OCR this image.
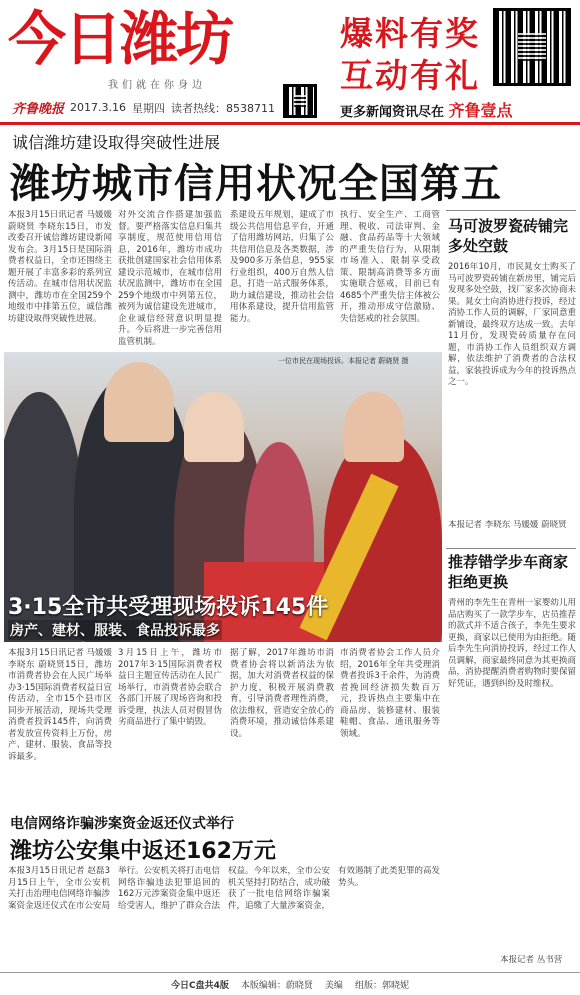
今日潍坊
我们就在你身边
齐鲁晚报 2017.3.16 星期四 读者热线：8538711
爆料有奖
互动有礼
更多新闻资讯尽在 齐鲁壹点
诚信潍坊建设取得突破性进展
潍坊城市信用状况全国第五
本报3月15日讯记者 马媛媛 蔚晓贤 李晓东15日，市发改委召开诚信潍坊建设新闻发布会。3月15日是国际消费者权益日，全市还围绕主题开展了丰富多彩的系列宣传活动。在城市信用状况监测中，潍坊市在全国259个地级市中排第五位，诚信潍坊建设取得突破性进展。
对外交流合作搭建加强监督。要严格落实信息归集共享制度，规范使用信用信息，2016年，潍坊市成功获批创建国家社会信用体系建设示范城市，在城市信用状况监测中，潍坊市在全国259个地级市中列第五位，被列为诚信建设先进城市，企业诚信经营意识明显提升。今后将进一步完善信用监管机制。
系建设五年规划，建成了市级公共信用信息平台，开通了信用潍坊网站，归集了公共信用信息及各类数据，涉及900多万条信息，955家行业组织，400万自然人信息，打造一站式服务体系，助力诚信建设，推动社会信用体系建设，提升信用监管能力。
执行、安全生产、工商管理、税收、司法审判、金融、食品药品等十大领域的严重失信行为，从限制市场准入、限制享受政策、限制高消费等多方面实施联合惩戒，目前已有4685个严重失信主体被公开，推动形成守信激励、失信惩戒的社会氛围。
一位市民在现场投诉。本报记者 蔚晓贤 摄
3·15全市共受理现场投诉145件
房产、建材、服装、食品投诉最多
本报3月15日讯记者 马媛媛 李晓东 蔚晓贤15日，潍坊市消费者协会在人民广场举办3·15国际消费者权益日宣传活动，全市15个县市区同步开展活动，现场共受理消费者投诉145件，向消费者发放宣传资料上万份，房产、建材、服装、食品等投诉最多。
3月15日上午，潍坊市2017年3·15国际消费者权益日主题宣传活动在人民广场举行，市消费者协会联合各部门开展了现场咨询和投诉受理，执法人员对假冒伪劣商品进行了集中销毁。
据了解，2017年潍坊市消费者协会将以新消法为依据，加大对消费者权益的保护力度，积极开展消费教育，引导消费者理性消费，依法维权，营造安全放心的消费环境，推动诚信体系建设。
市消费者协会工作人员介绍，2016年全年共受理消费者投诉3千余件，为消费者挽回经济损失数百万元，投诉热点主要集中在商品房、装修建材、服装鞋帽、食品、通讯服务等领域。
电信网络诈骗涉案资金返还仪式举行
潍坊公安集中返还162万元
本报3月15日讯记者 赵磊3月15日上午，全市公安机关打击治理电信网络诈骗涉案资金返还仪式在市公安局举行。公安机关将打击电信网络诈骗违法犯罪追回的162万元涉案资金集中返还给受害人，维护了群众合法权益。今年以来，全市公安机关坚持打防结合，成功破获了一批电信网络诈骗案件，追缴了大量涉案资金，有效遏制了此类犯罪的高发势头。
马可波罗瓷砖铺完多处空鼓
2016年10月，市民晁女士购买了马可波罗瓷砖铺在新房里，铺完后发现多处空鼓，找厂家多次协商未果。晁女士向消协进行投诉，经过消协工作人员的调解，厂家同意重新铺设，最终双方达成一致。去年11月份，发现瓷砖质量存在问题，市消协工作人员组织双方调解，依法维护了消费者的合法权益，家装投诉成为今年的投诉热点之一。
本报记者 李晓东 马媛媛 蔚晓贤
推荐错学步车商家拒绝更换
青州的李先生在青州一家婴幼儿用品店购买了一款学步车，店员推荐的款式并不适合孩子，李先生要求更换，商家以已使用为由拒绝。随后李先生向消协投诉，经过工作人员调解，商家最终同意为其更换商品，消协提醒消费者购物时要保留好凭证，遇到纠纷及时维权。
本报记者 丛书营
今日C盘共4版 本版编辑：蔚晓贤 美编 组版：郭晓妮
